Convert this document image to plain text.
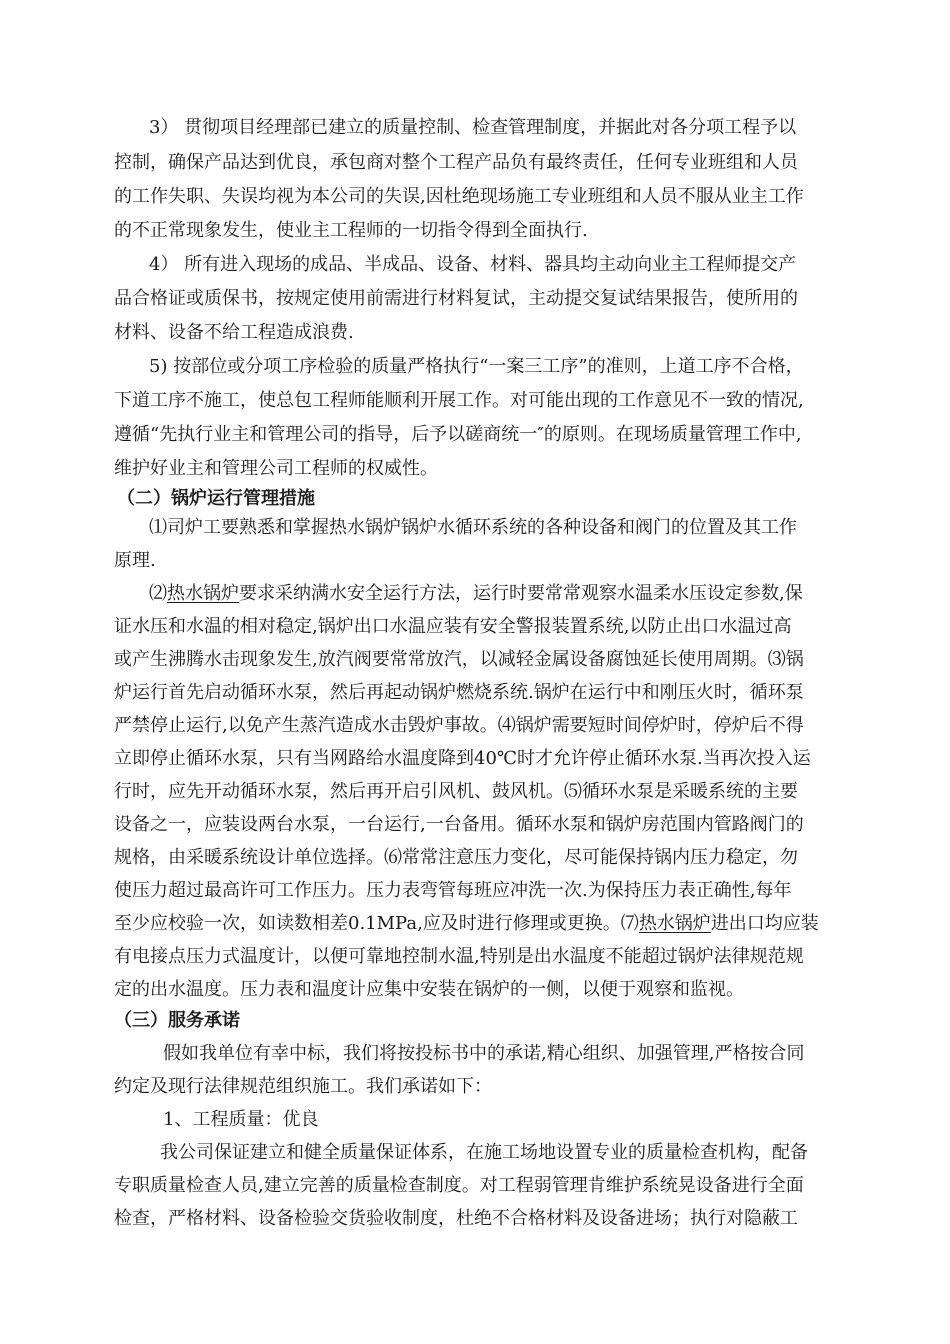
3） 贯彻项目经理部已建立的质量控制、检查管理制度，并据此对各分项工程予以
控制，确保产品达到优良，承包商对整个工程产品负有最终责任，任何专业班组和人员
的工作失职、失误均视为本公司的失误,因杜绝现场施工专业班组和人员不服从业主工作
的不正常现象发生，使业主工程师的一切指令得到全面执行.
4） 所有进入现场的成品、半成品、设备、材料、器具均主动向业主工程师提交产
品合格证或质保书，按规定使用前需进行材料复试，主动提交复试结果报告，使所用的
材料、设备不给工程造成浪费.
5) 按部位或分项工序检验的质量严格执行“一案三工序”的准则，上道工序不合格，
下道工序不施工，使总包工程师能顺利开展工作。对可能出现的工作意见不一致的情况,
遵循“先执行业主和管理公司的指导，后予以磋商统一″的原则。在现场质量管理工作中,
维护好业主和管理公司工程师的权威性。
（二）锅炉运行管理措施
⑴司炉工要熟悉和掌握热水锅炉锅炉水循环系统的各种设备和阀门的位置及其工作
原理.
⑵热水锅炉要求采纳满水安全运行方法，运行时要常常观察水温柔水压设定参数,保
证水压和水温的相对稳定,锅炉出口水温应装有安全警报装置系统,以防止出口水温过高
或产生沸腾水击现象发生,放汽阀要常常放汽，以减轻金属设备腐蚀延长使用周期。⑶锅
炉运行首先启动循环水泵，然后再起动锅炉燃烧系统.锅炉在运行中和刚压火时，循环泵
严禁停止运行,以免产生蒸汽造成水击毁炉事故。⑷锅炉需要短时间停炉时，停炉后不得
立即停止循环水泵，只有当网路给水温度降到40℃时才允许停止循环水泵.当再次投入运
行时，应先开动循环水泵，然后再开启引风机、鼓风机。⑸循环水泵是采暖系统的主要
设备之一，应装设两台水泵，一台运行,一台备用。循环水泵和锅炉房范围内管路阀门的
规格，由采暖系统设计单位选择。⑹常常注意压力变化，尽可能保持锅内压力稳定，勿
使压力超过最高许可工作压力。压力表弯管每班应冲洗一次.为保持压力表正确性,每年
至少应校验一次，如读数相差0.1MPa,应及时进行修理或更换。⑺热水锅炉进出口均应装
有电接点压力式温度计，以便可靠地控制水温,特别是出水温度不能超过锅炉法律规范规
定的出水温度。压力表和温度计应集中安装在锅炉的一侧，以便于观察和监视。
（三）服务承诺
假如我单位有幸中标，我们将按投标书中的承诺,精心组织、加强管理,严格按合同
约定及现行法律规范组织施工。我们承诺如下：
1、工程质量：优良
我公司保证建立和健全质量保证体系，在施工场地设置专业的质量检查机构，配备
专职质量检查人员,建立完善的质量检查制度。对工程弱管理肯维护系统晃设备进行全面
检查，严格材料、设备检验交货验收制度，杜绝不合格材料及设备进场；执行对隐蔽工
